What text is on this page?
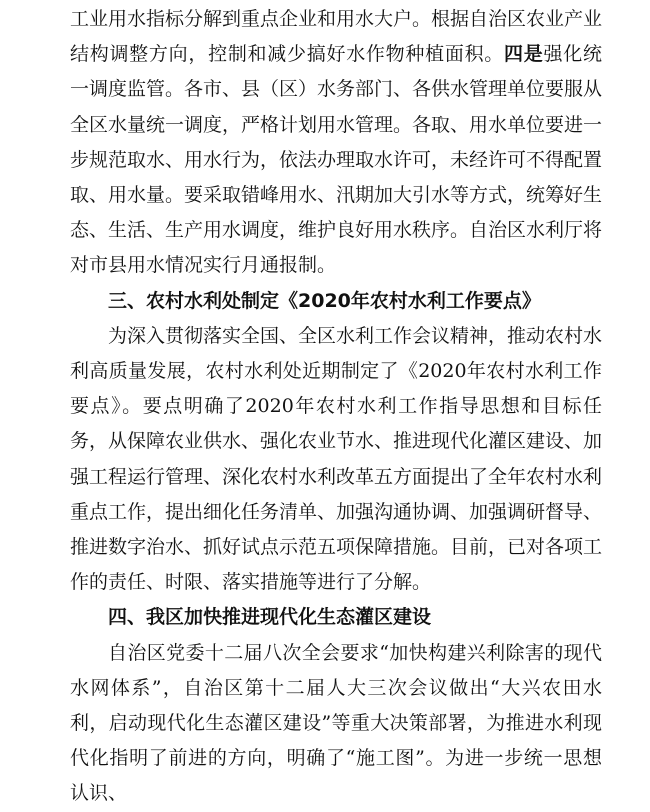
工业用水指标分解到重点企业和用水大户。根据自治区农业产业结构调整方向，控制和减少搞好水作物种植面积。四是强化统一调度监管。各市、县（区）水务部门、各供水管理单位要服从全区水量统一调度，严格计划用水管理。各取、用水单位要进一步规范取水、用水行为，依法办理取水许可，未经许可不得配置取、用水量。要采取错峰用水、汛期加大引水等方式，统筹好生态、生活、生产用水调度，维护良好用水秩序。自治区水利厅将对市县用水情况实行月通报制。

三、农村水利处制定《2020年农村水利工作要点》

为深入贯彻落实全国、全区水利工作会议精神，推动农村水利高质量发展，农村水利处近期制定了《2020年农村水利工作要点》。要点明确了2020年农村水利工作指导思想和目标任务，从保障农业供水、强化农业节水、推进现代化灌区建设、加强工程运行管理、深化农村水利改革五方面提出了全年农村水利重点工作，提出细化任务清单、加强沟通协调、加强调研督导、推进数字治水、抓好试点示范五项保障措施。目前，已对各项工作的责任、时限、落实措施等进行了分解。

四、我区加快推进现代化生态灌区建设

自治区党委十二届八次全会要求“加快构建兴利除害的现代水网体系”，自治区第十二届人大三次会议做出“大兴农田水利，启动现代化生态灌区建设”等重大决策部署，为推进水利现代化指明了前进的方向，明确了“施工图”。为进一步统一思想认识、
